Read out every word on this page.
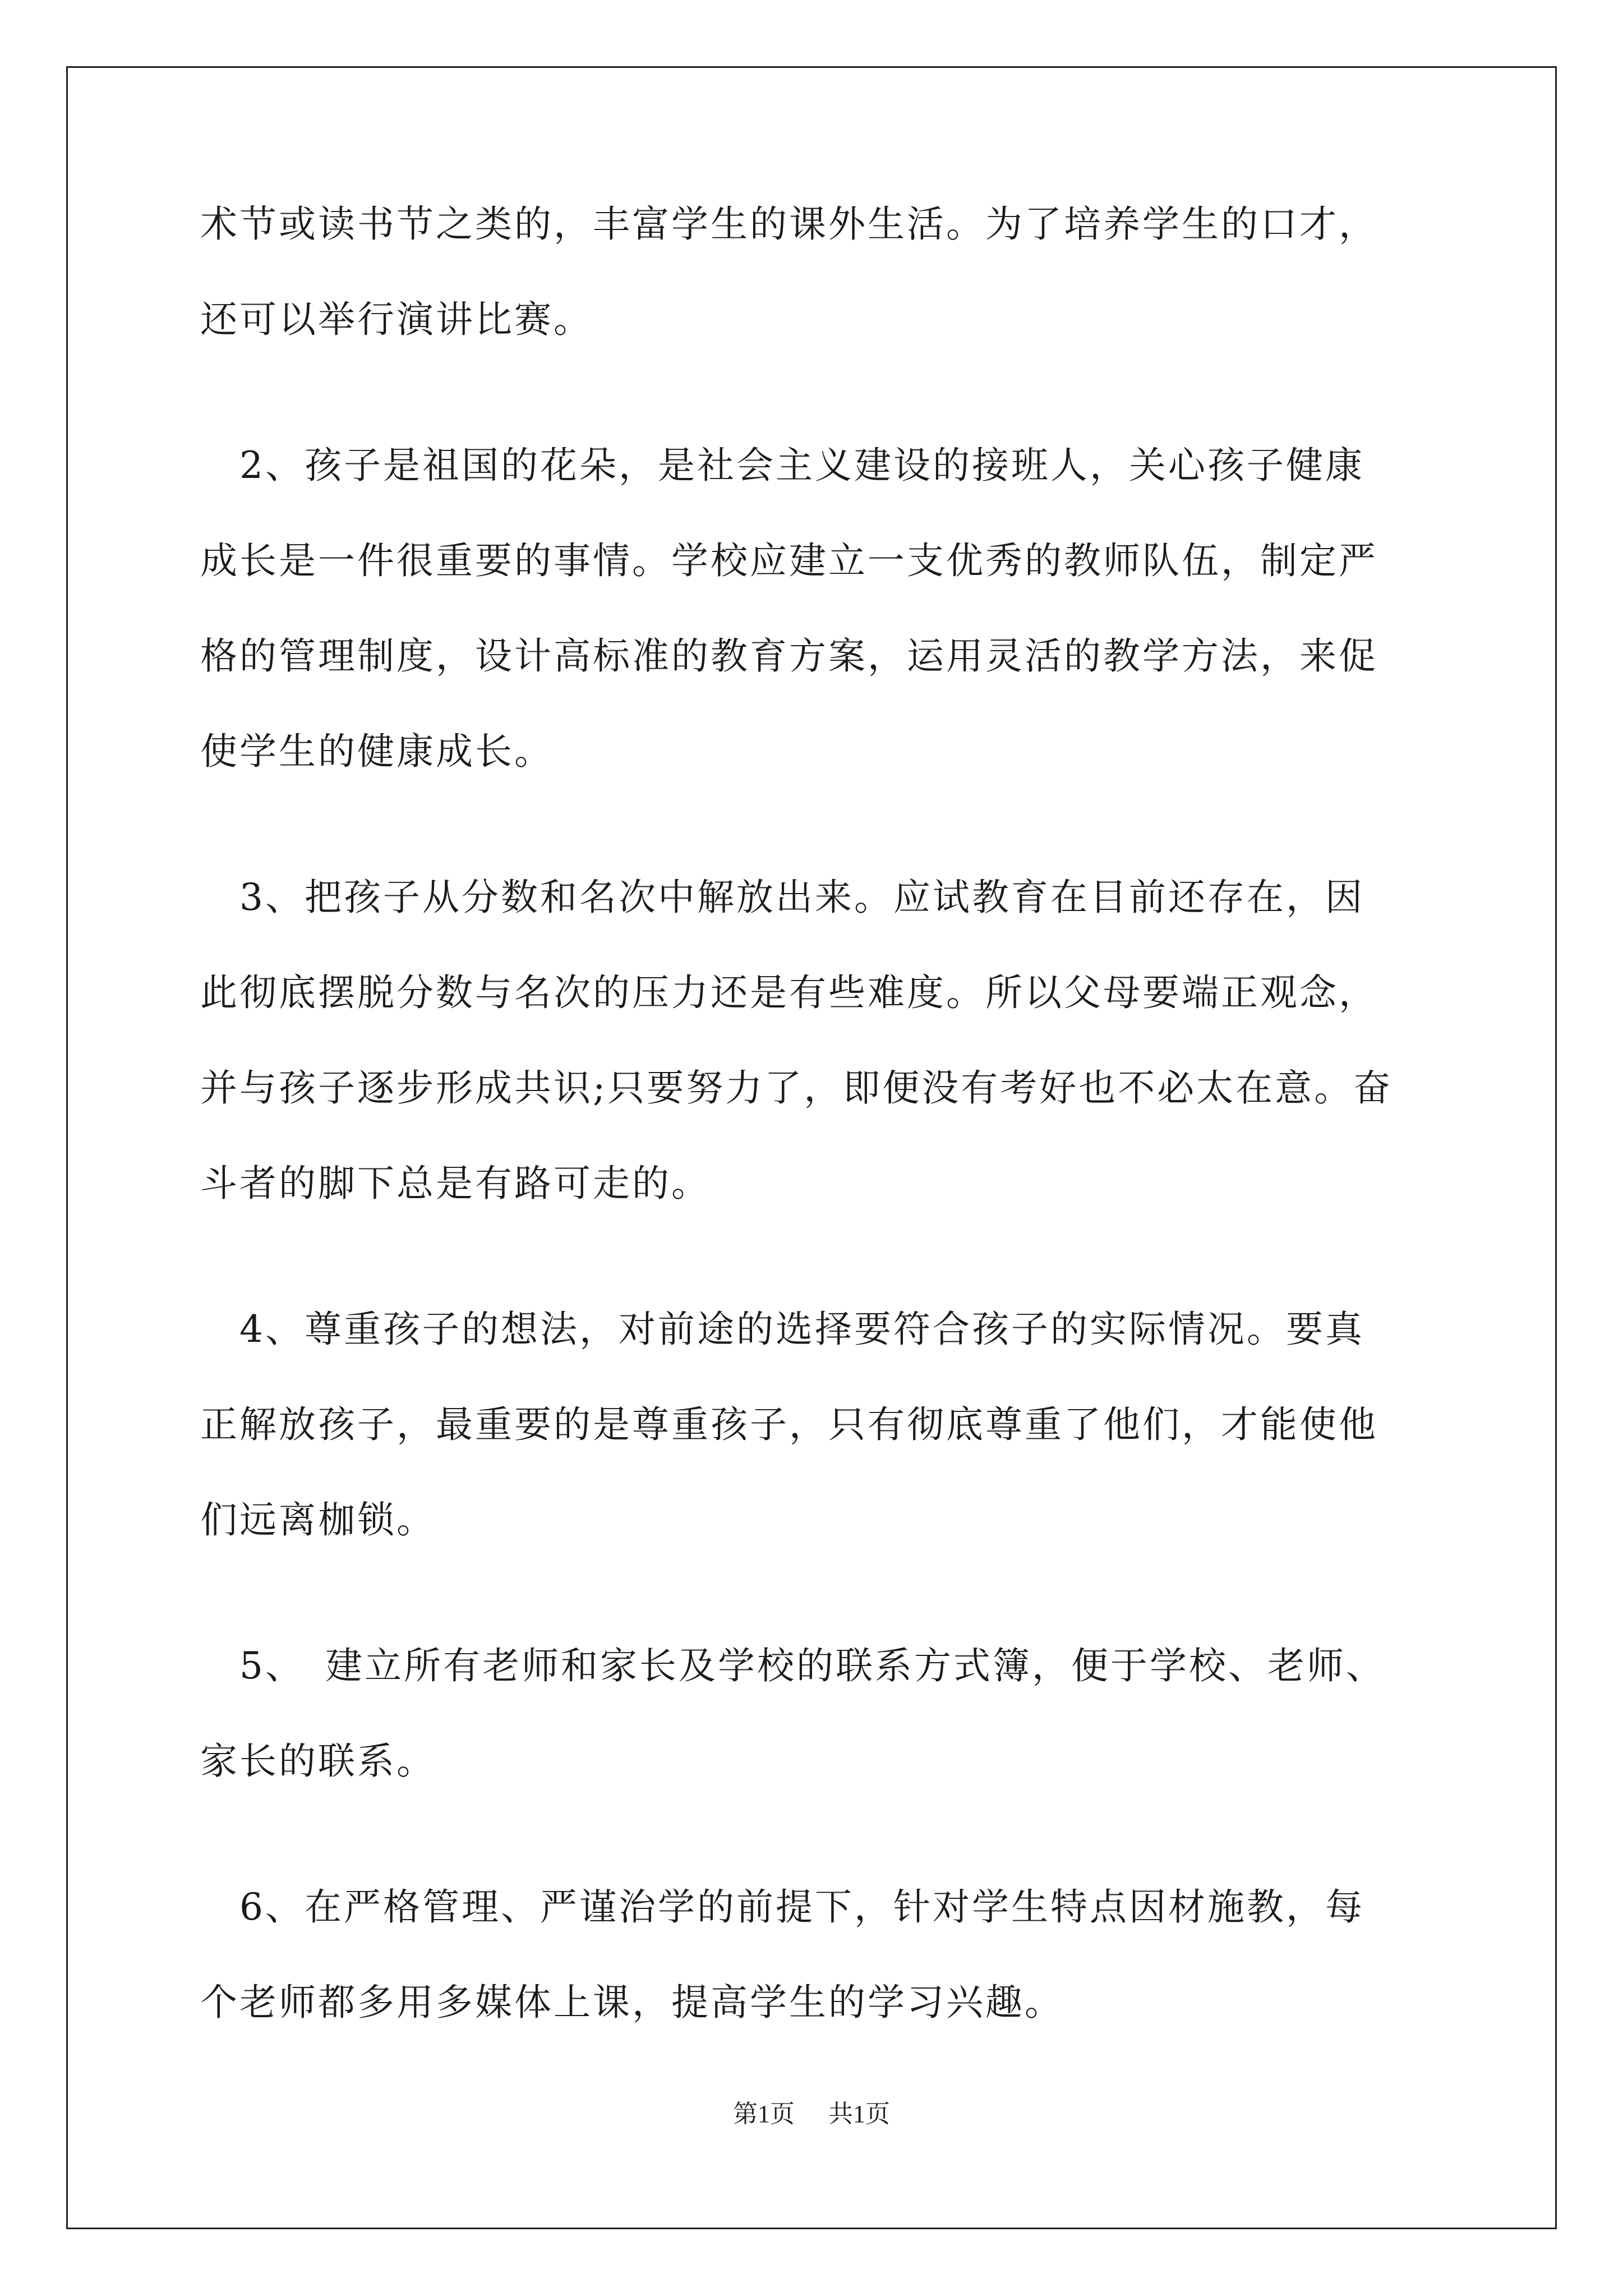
术节或读书节之类的，丰富学生的课外生活。为了培养学生的口才，
还可以举行演讲比赛。
　2、孩子是祖国的花朵，是社会主义建设的接班人，关心孩子健康
成长是一件很重要的事情。学校应建立一支优秀的教师队伍，制定严
格的管理制度，设计高标准的教育方案，运用灵活的教学方法，来促
使学生的健康成长。
　3、把孩子从分数和名次中解放出来。应试教育在目前还存在，因
此彻底摆脱分数与名次的压力还是有些难度。所以父母要端正观念，
并与孩子逐步形成共识;只要努力了，即便没有考好也不必太在意。奋
斗者的脚下总是有路可走的。
　4、尊重孩子的想法，对前途的选择要符合孩子的实际情况。要真
正解放孩子，最重要的是尊重孩子，只有彻底尊重了他们，才能使他
们远离枷锁。
　5、　建立所有老师和家长及学校的联系方式簿，便于学校、老师、
家长的联系。
　6、在严格管理、严谨治学的前提下，针对学生特点因材施教，每
个老师都多用多媒体上课，提高学生的学习兴趣。
第1页 共1页
